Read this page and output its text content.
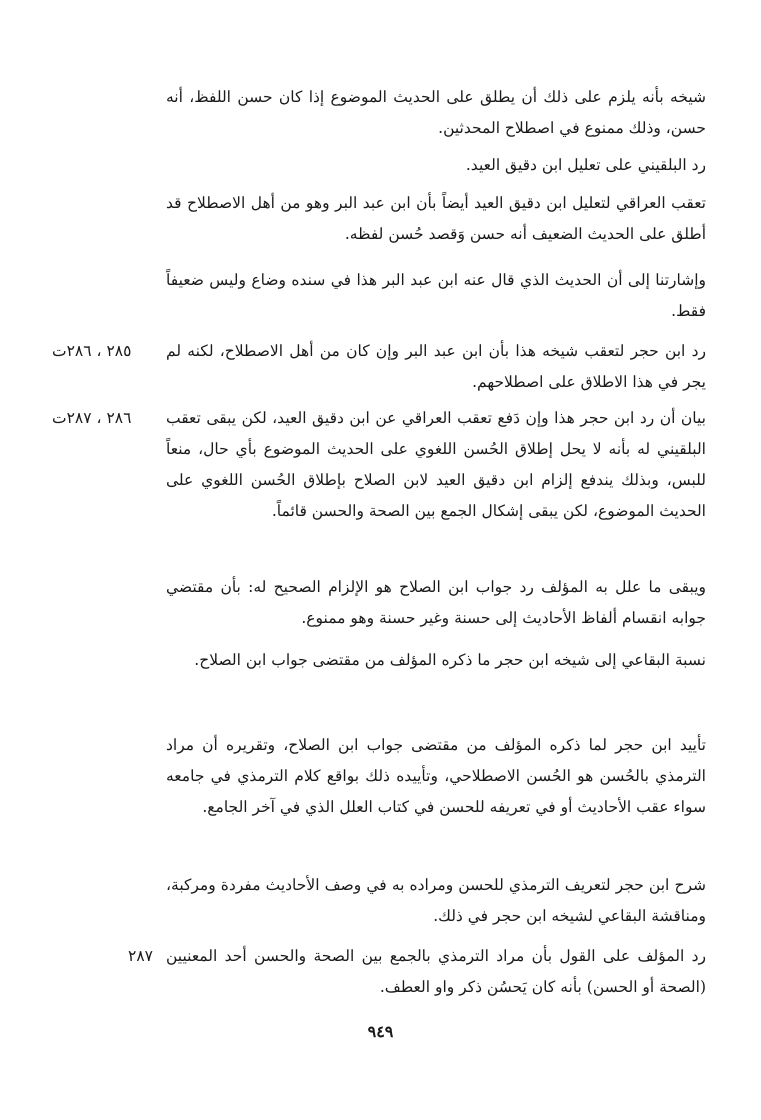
شيخه بأنه يلزم على ذلك أن يطلق على الحديث الموضوع إذا كان حسن اللفظ، أنه حسن، وذلك ممنوع في اصطلاح المحدثين.

رد البلقيني على تعليل ابن دقيق العيد.

تعقب العراقي لتعليل ابن دقيق العيد أيضاً بأن ابن عبد البر وهو من أهل الاصطلاح قد أطلق على الحديث الضعيف أنه حسن وَقصد حُسن لفظه.

وإشارتنا إلى أن الحديث الذي قال عنه ابن عبد البر هذا في سنده وضاع وليس ضعيفاً فقط.

رد ابن حجر لتعقب شيخه هذا بأن ابن عبد البر وإن كان من أهل الاصطلاح، لكنه لم يجر في هذا الاطلاق على اصطلاحهم.

٢٨٥ ، ٢٨٦ت

بيان أن رد ابن حجر هذا وإن دَفع تعقب العراقي عن ابن دقيق العيد، لكن يبقى تعقب البلقيني له بأنه لا يحل إطلاق الحُسن اللغوي على الحديث الموضوع بأي حال، منعاً للبس، وبذلك يندفع إلزام ابن دقيق العيد لابن الصلاح بإطلاق الحُسن اللغوي على الحديث الموضوع، لكن يبقى إشكال الجمع بين الصحة والحسن قائماً.

٢٨٦ ، ٢٨٧ت

ويبقى ما علل به المؤلف رد جواب ابن الصلاح هو الإلزام الصحيح له: بأن مقتضي جوابه انقسام ألفاظ الأحاديث إلى حسنة وغير حسنة وهو ممنوع.

نسبة البقاعي إلى شيخه ابن حجر ما ذكره المؤلف من مقتضى جواب ابن الصلاح.

تأييد ابن حجر لما ذكره المؤلف من مقتضى جواب ابن الصلاح، وتقريره أن مراد الترمذي بالحُسن هو الحُسن الاصطلاحي، وتأييده ذلك بواقع كلام الترمذي في جامعه سواء عقب الأحاديث أو في تعريفه للحسن في كتاب العلل الذي في آخر الجامع.

شرح ابن حجر لتعريف الترمذي للحسن ومراده به في وصف الأحاديث مفردة ومركبة، ومناقشة البقاعي لشيخه ابن حجر في ذلك.

رد المؤلف على القول بأن مراد الترمذي بالجمع بين الصحة والحسن أحد المعنيين (الصحة أو الحسن) بأنه كان يَحسُن ذكر واو العطف.

٢٨٧
٩٤٩
